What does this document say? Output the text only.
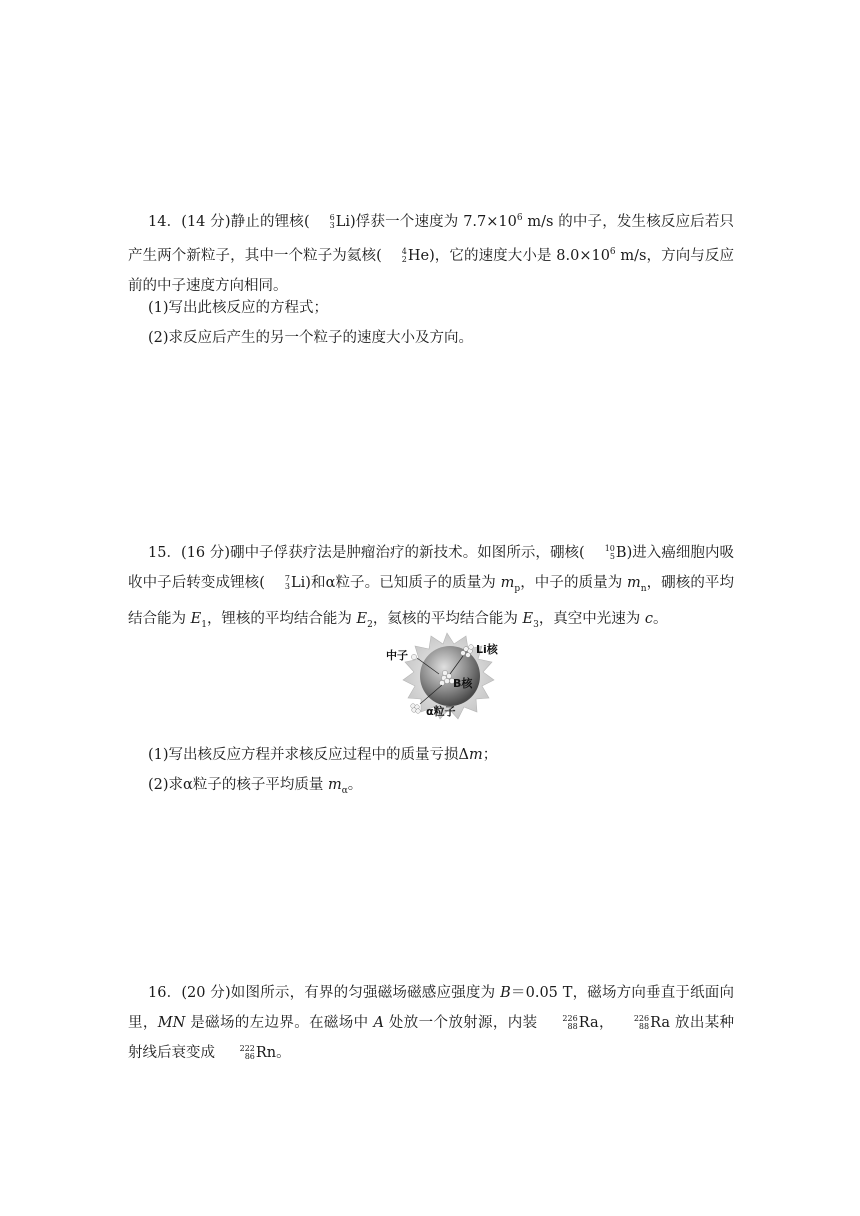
14．(14 分)静止的锂核(	6
3 Li)俘获一个速度为 $7.7\times 10^6$ m/s 的中子，发生核反应后若只产生两个新粒子，其中一个粒子为氦核(	4
2 He)，它的速度大小是 $8.0\times 10^6$ m/s，方向与反应前的中子速度方向相同。

(1)写出此核反应的方程式；

(2)求反应后产生的另一个粒子的速度大小及方向。

15．(16 分)硼中子俘获疗法是肿瘤治疗的新技术。如图所示，硼核(	10
5 B)进入癌细胞内吸收中子后转变成锂核(	7
3 Li)和α粒子。已知质子的质量为 $m_p$，中子的质量为 $m_n$，硼核的平均结合能为 $E_1$，锂核的平均结合能为 $E_2$，氦核的平均结合能为 $E_3$，真空中光速为 c。

中子	Li核
B核
α粒子

(1)写出核反应方程并求核反应过程中的质量亏损Δm；

(2)求α粒子的核子平均质量 $m_\alpha$。

16．(20 分)如图所示，有界的匀强磁场磁感应强度为 B＝0.05 T，磁场方向垂直于纸面向里，MN 是磁场的左边界。在磁场中 A 处放一个放射源，内装	226
88 Ra，	226
88 Ra 放出某种射线后衰变成	222
86 Rn。
